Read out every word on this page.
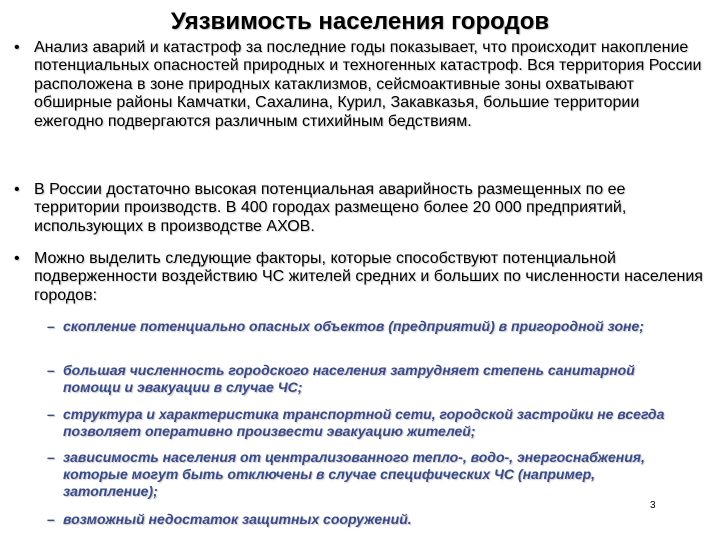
Уязвимость населения городов
• Анализ аварий и катастроф за последние годы показывает, что происходит накопление потенциальных опасностей природных и техногенных катастроф. Вся территория России расположена в зоне природных катаклизмов, сейсмоактивные зоны охватывают обширные районы Камчатки, Сахалина, Курил, Закавказья, большие территории ежегодно подвергаются различным стихийным бедствиям.
• В России достаточно высокая потенциальная аварийность размещенных по ее территории производств. В 400 городах размещено более 20 000 предприятий, использующих в производстве АХОВ.
• Можно выделить следующие факторы, которые способствуют потенциальной подверженности воздействию ЧС жителей средних и больших по численности населения городов:
– скопление потенциально опасных объектов (предприятий) в пригородной зоне;
– большая численность городского населения затрудняет степень санитарной помощи и эвакуации в случае ЧС;
– структура и характеристика транспортной сети, городской застройки не всегда позволяет оперативно произвести эвакуацию жителей;
– зависимость населения от централизованного тепло-, водо-, энергоснабжения, которые могут быть отключены в случае специфических ЧС (например, затопление);
– возможный недостаток защитных сооружений.
3
